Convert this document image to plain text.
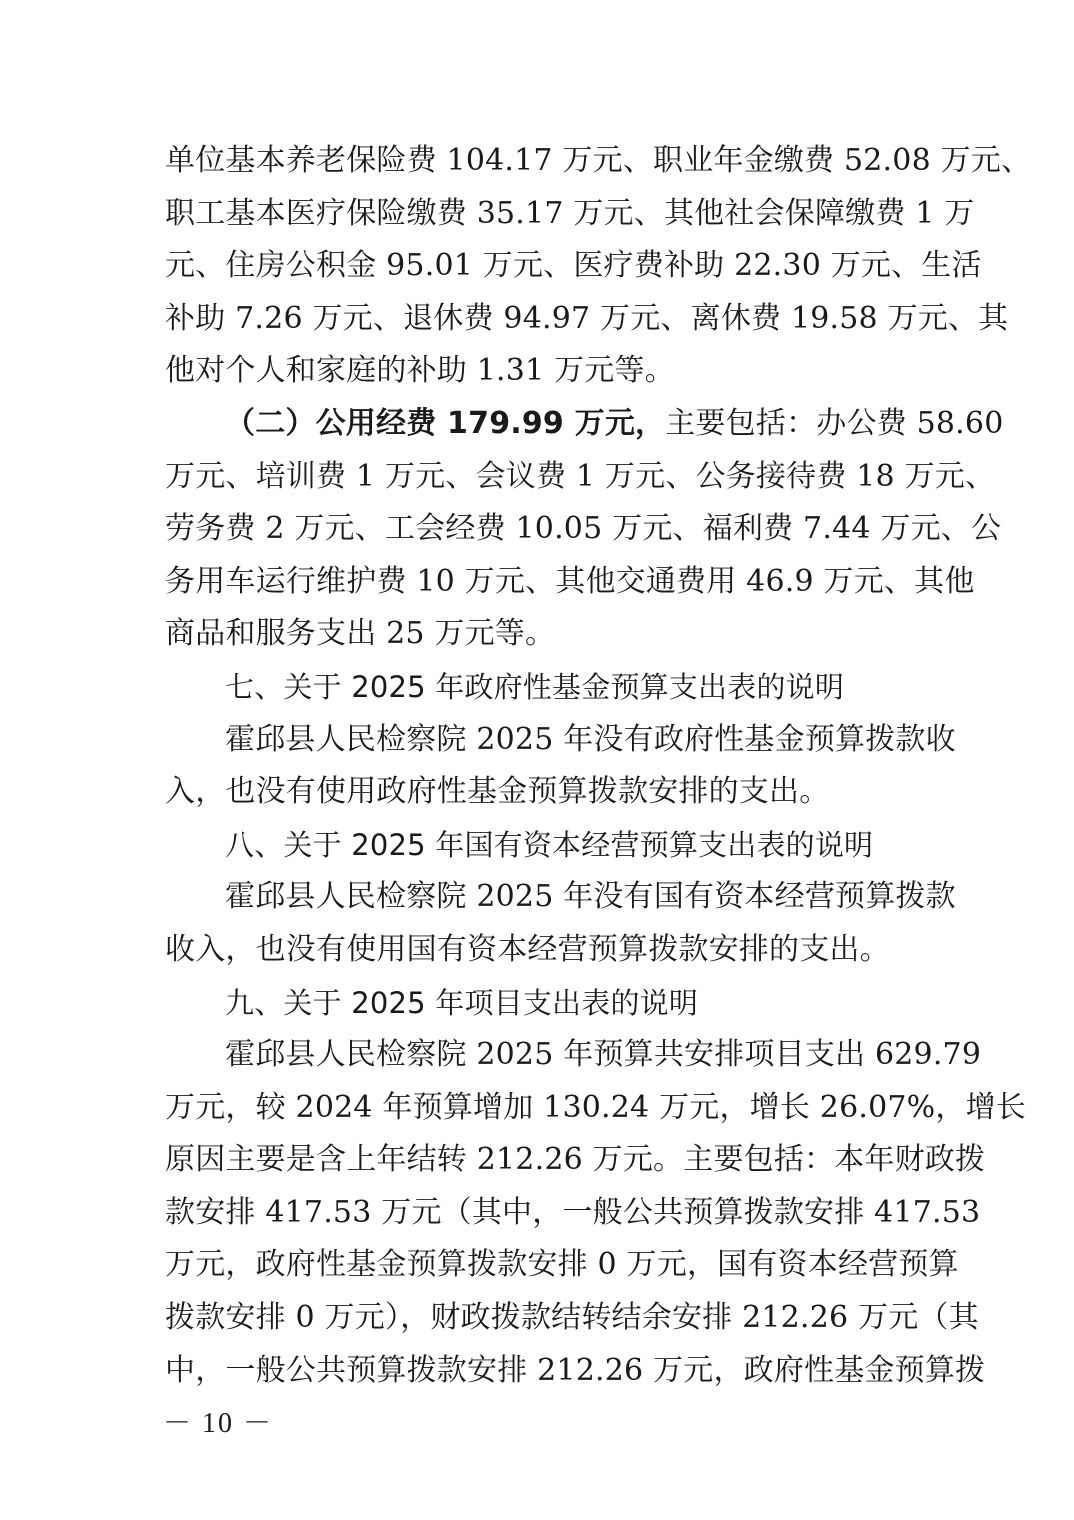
单位基本养老保险费 104.17 万元、职业年金缴费 52.08 万元、
职工基本医疗保险缴费 35.17 万元、其他社会保障缴费 1 万
元、住房公积金 95.01 万元、医疗费补助 22.30 万元、生活
补助 7.26 万元、退休费 94.97 万元、离休费 19.58 万元、其
他对个人和家庭的补助 1.31 万元等。
（二）公用经费 179.99 万元，主要包括：办公费 58.60
万元、培训费 1 万元、会议费 1 万元、公务接待费 18 万元、
劳务费 2 万元、工会经费 10.05 万元、福利费 7.44 万元、公
务用车运行维护费 10 万元、其他交通费用 46.9 万元、其他
商品和服务支出 25 万元等。
七、关于 2025 年政府性基金预算支出表的说明
霍邱县人民检察院 2025 年没有政府性基金预算拨款收
入，也没有使用政府性基金预算拨款安排的支出。
八、关于 2025 年国有资本经营预算支出表的说明
霍邱县人民检察院 2025 年没有国有资本经营预算拨款
收入，也没有使用国有资本经营预算拨款安排的支出。
九、关于 2025 年项目支出表的说明
霍邱县人民检察院 2025 年预算共安排项目支出 629.79
万元，较 2024 年预算增加 130.24 万元，增长 26.07%，增长
原因主要是含上年结转 212.26 万元。主要包括：本年财政拨
款安排 417.53 万元（其中，一般公共预算拨款安排 417.53
万元，政府性基金预算拨款安排 0 万元，国有资本经营预算
拨款安排 0 万元），财政拨款结转结余安排 212.26 万元（其
中，一般公共预算拨款安排 212.26 万元，政府性基金预算拨
－ 10 －
